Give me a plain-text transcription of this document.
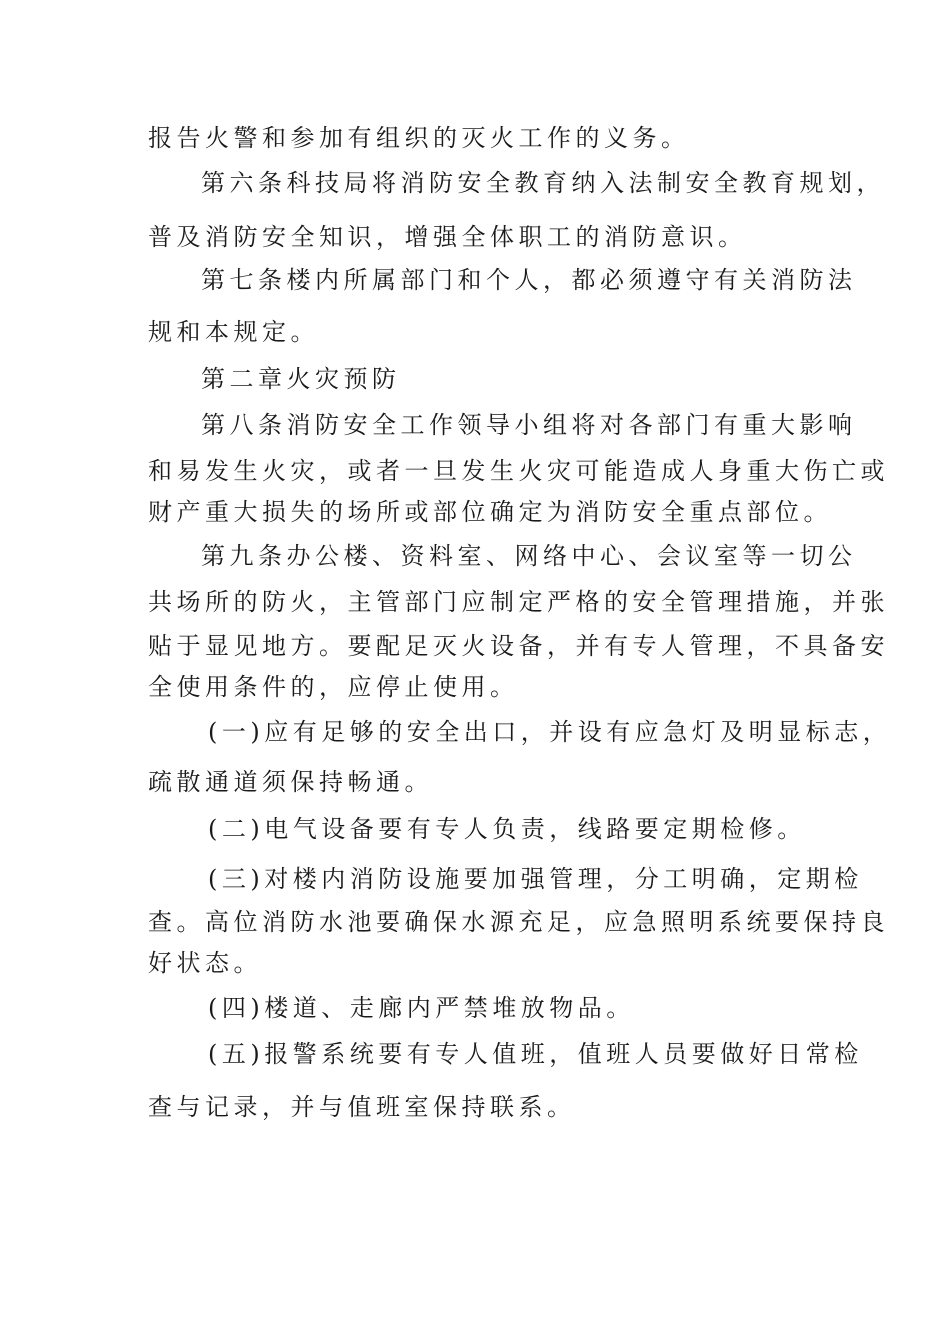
报告火警和参加有组织的灭火工作的义务。
第六条科技局将消防安全教育纳入法制安全教育规划，
普及消防安全知识，增强全体职工的消防意识。
第七条楼内所属部门和个人，都必须遵守有关消防法
规和本规定。
第二章火灾预防
第八条消防安全工作领导小组将对各部门有重大影响
和易发生火灾，或者一旦发生火灾可能造成人身重大伤亡或
财产重大损失的场所或部位确定为消防安全重点部位。
第九条办公楼、资料室、网络中心、会议室等一切公
共场所的防火，主管部门应制定严格的安全管理措施，并张
贴于显见地方。要配足灭火设备，并有专人管理，不具备安
全使用条件的，应停止使用。
(一)应有足够的安全出口，并设有应急灯及明显标志，
疏散通道须保持畅通。
(二)电气设备要有专人负责，线路要定期检修。
(三)对楼内消防设施要加强管理，分工明确，定期检
查。高位消防水池要确保水源充足，应急照明系统要保持良
好状态。
(四)楼道、走廊内严禁堆放物品。
(五)报警系统要有专人值班，值班人员要做好日常检
查与记录，并与值班室保持联系。
